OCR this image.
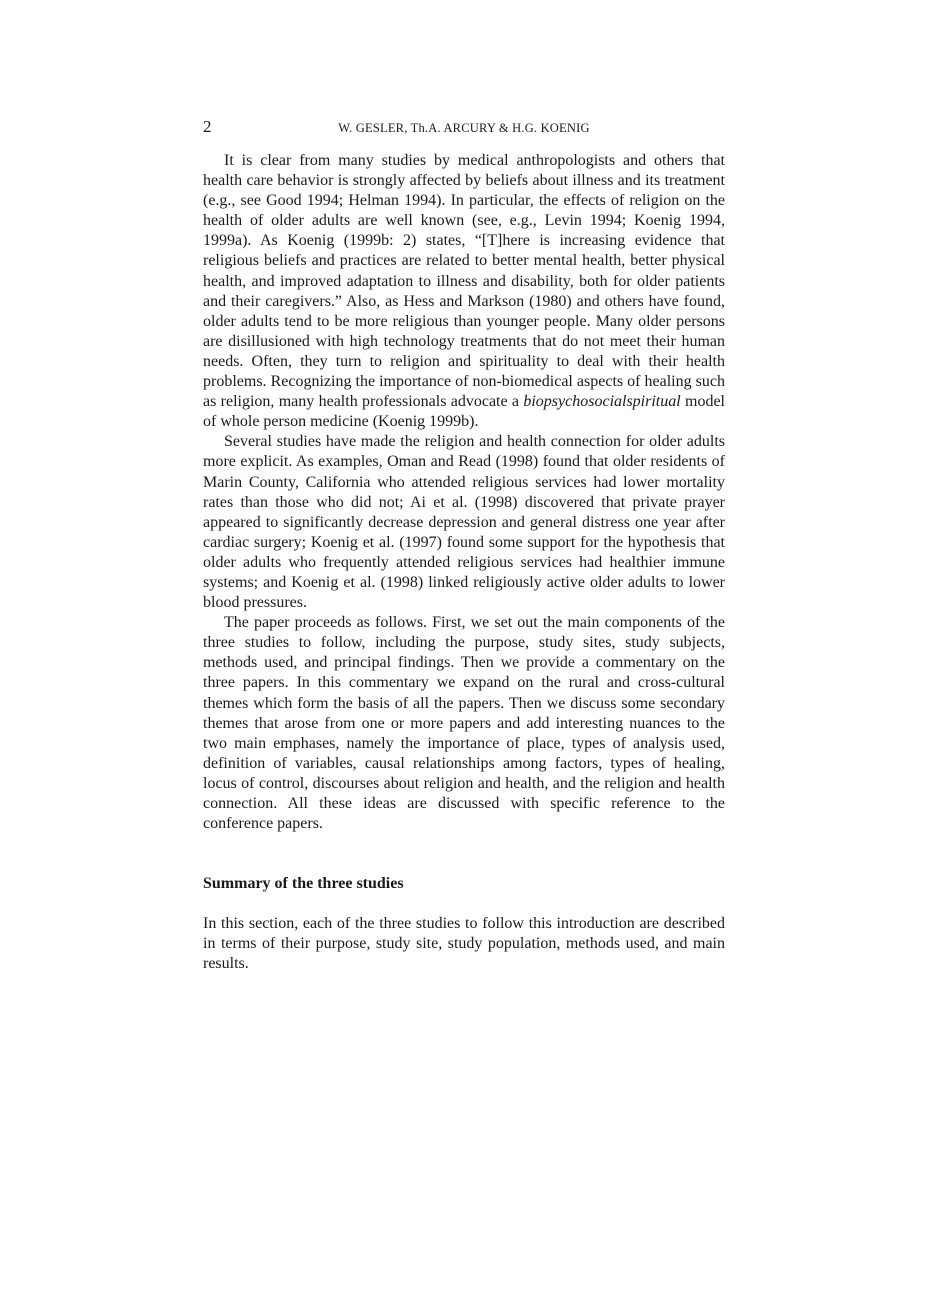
2	W. GESLER, Th.A. ARCURY & H.G. KOENIG

It is clear from many studies by medical anthropologists and others that health care behavior is strongly affected by beliefs about illness and its treatment (e.g., see Good 1994; Helman 1994). In particular, the effects of religion on the health of older adults are well known (see, e.g., Levin 1994; Koenig 1994, 1999a). As Koenig (1999b: 2) states, “[T]here is increasing evidence that religious beliefs and practices are related to better mental health, better physical health, and improved adaptation to illness and disability, both for older patients and their caregivers.” Also, as Hess and Markson (1980) and others have found, older adults tend to be more religious than younger people. Many older persons are disillusioned with high technology treatments that do not meet their human needs. Often, they turn to religion and spirituality to deal with their health problems. Recognizing the importance of non-biomedical aspects of healing such as religion, many health professionals advocate a biopsychosocialspiritual model of whole person medicine (Koenig 1999b).

Several studies have made the religion and health connection for older adults more explicit. As examples, Oman and Read (1998) found that older residents of Marin County, California who attended religious services had lower mortality rates than those who did not; Ai et al. (1998) discovered that private prayer appeared to significantly decrease depression and general distress one year after cardiac surgery; Koenig et al. (1997) found some support for the hypothesis that older adults who frequently attended religious services had healthier immune systems; and Koenig et al. (1998) linked religiously active older adults to lower blood pressures.

The paper proceeds as follows. First, we set out the main components of the three studies to follow, including the purpose, study sites, study subjects, methods used, and principal findings. Then we provide a commentary on the three papers. In this commentary we expand on the rural and cross-cultural themes which form the basis of all the papers. Then we discuss some secondary themes that arose from one or more papers and add interesting nuances to the two main emphases, namely the importance of place, types of analysis used, definition of variables, causal relationships among factors, types of healing, locus of control, discourses about religion and health, and the religion and health connection. All these ideas are discussed with specific reference to the conference papers.

Summary of the three studies

In this section, each of the three studies to follow this introduction are described in terms of their purpose, study site, study population, methods used, and main results.
